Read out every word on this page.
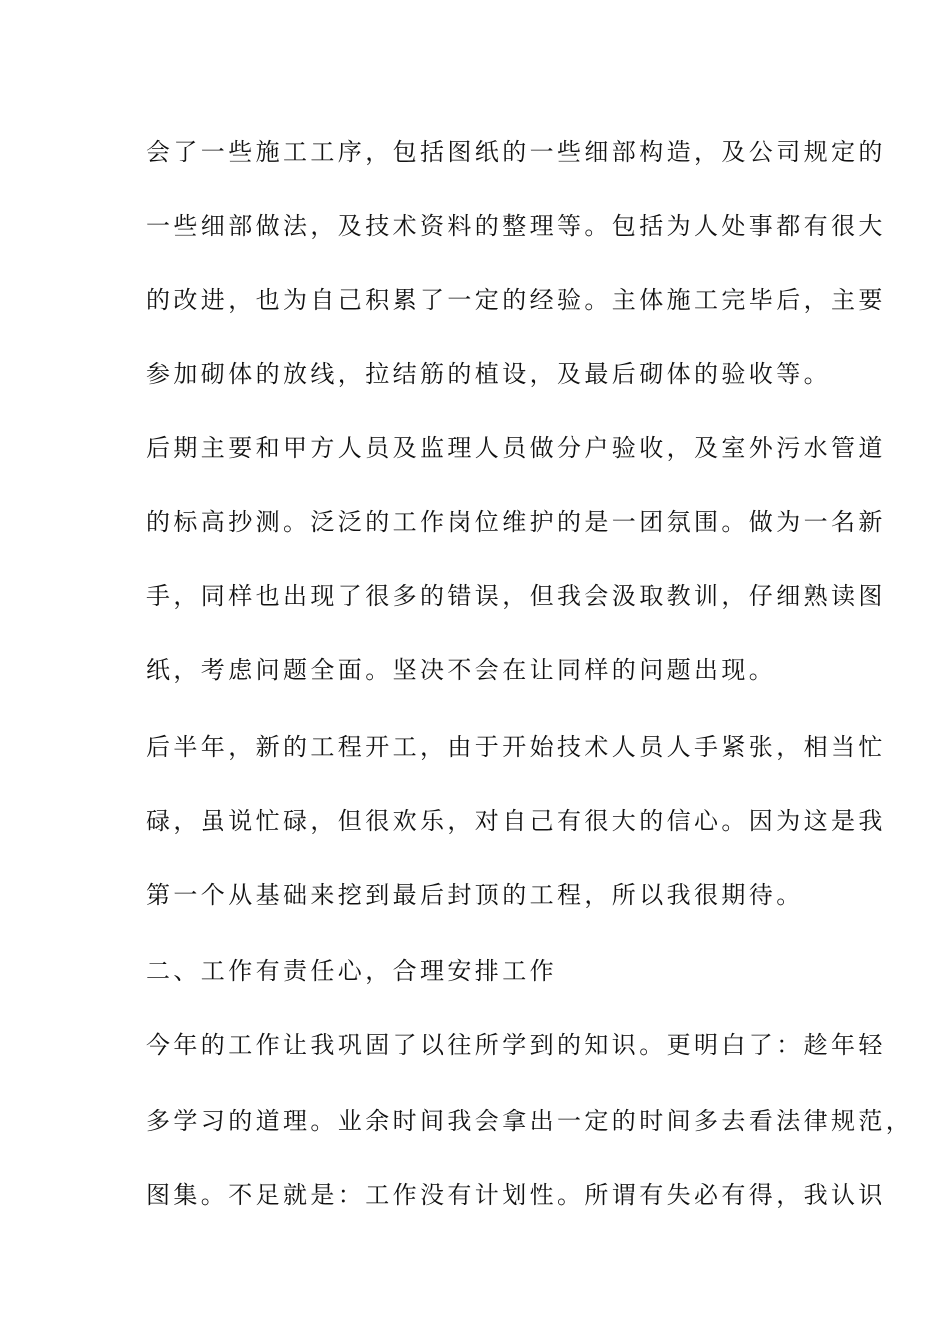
会了一些施工工序，包括图纸的一些细部构造，及公司规定的
一些细部做法，及技术资料的整理等。包括为人处事都有很大
的改进，也为自己积累了一定的经验。主体施工完毕后，主要
参加砌体的放线，拉结筋的植设，及最后砌体的验收等。
后期主要和甲方人员及监理人员做分户验收，及室外污水管道
的标高抄测。泛泛的工作岗位维护的是一团氛围。做为一名新
手，同样也出现了很多的错误，但我会汲取教训，仔细熟读图
纸，考虑问题全面。坚决不会在让同样的问题出现。
后半年，新的工程开工，由于开始技术人员人手紧张，相当忙
碌，虽说忙碌，但很欢乐，对自己有很大的信心。因为这是我
第一个从基础来挖到最后封顶的工程，所以我很期待。
二、工作有责任心，合理安排工作
今年的工作让我巩固了以往所学到的知识。更明白了：趁年轻
多学习的道理。业余时间我会拿出一定的时间多去看法律规范，
图集。不足就是：工作没有计划性。所谓有失必有得，我认识
